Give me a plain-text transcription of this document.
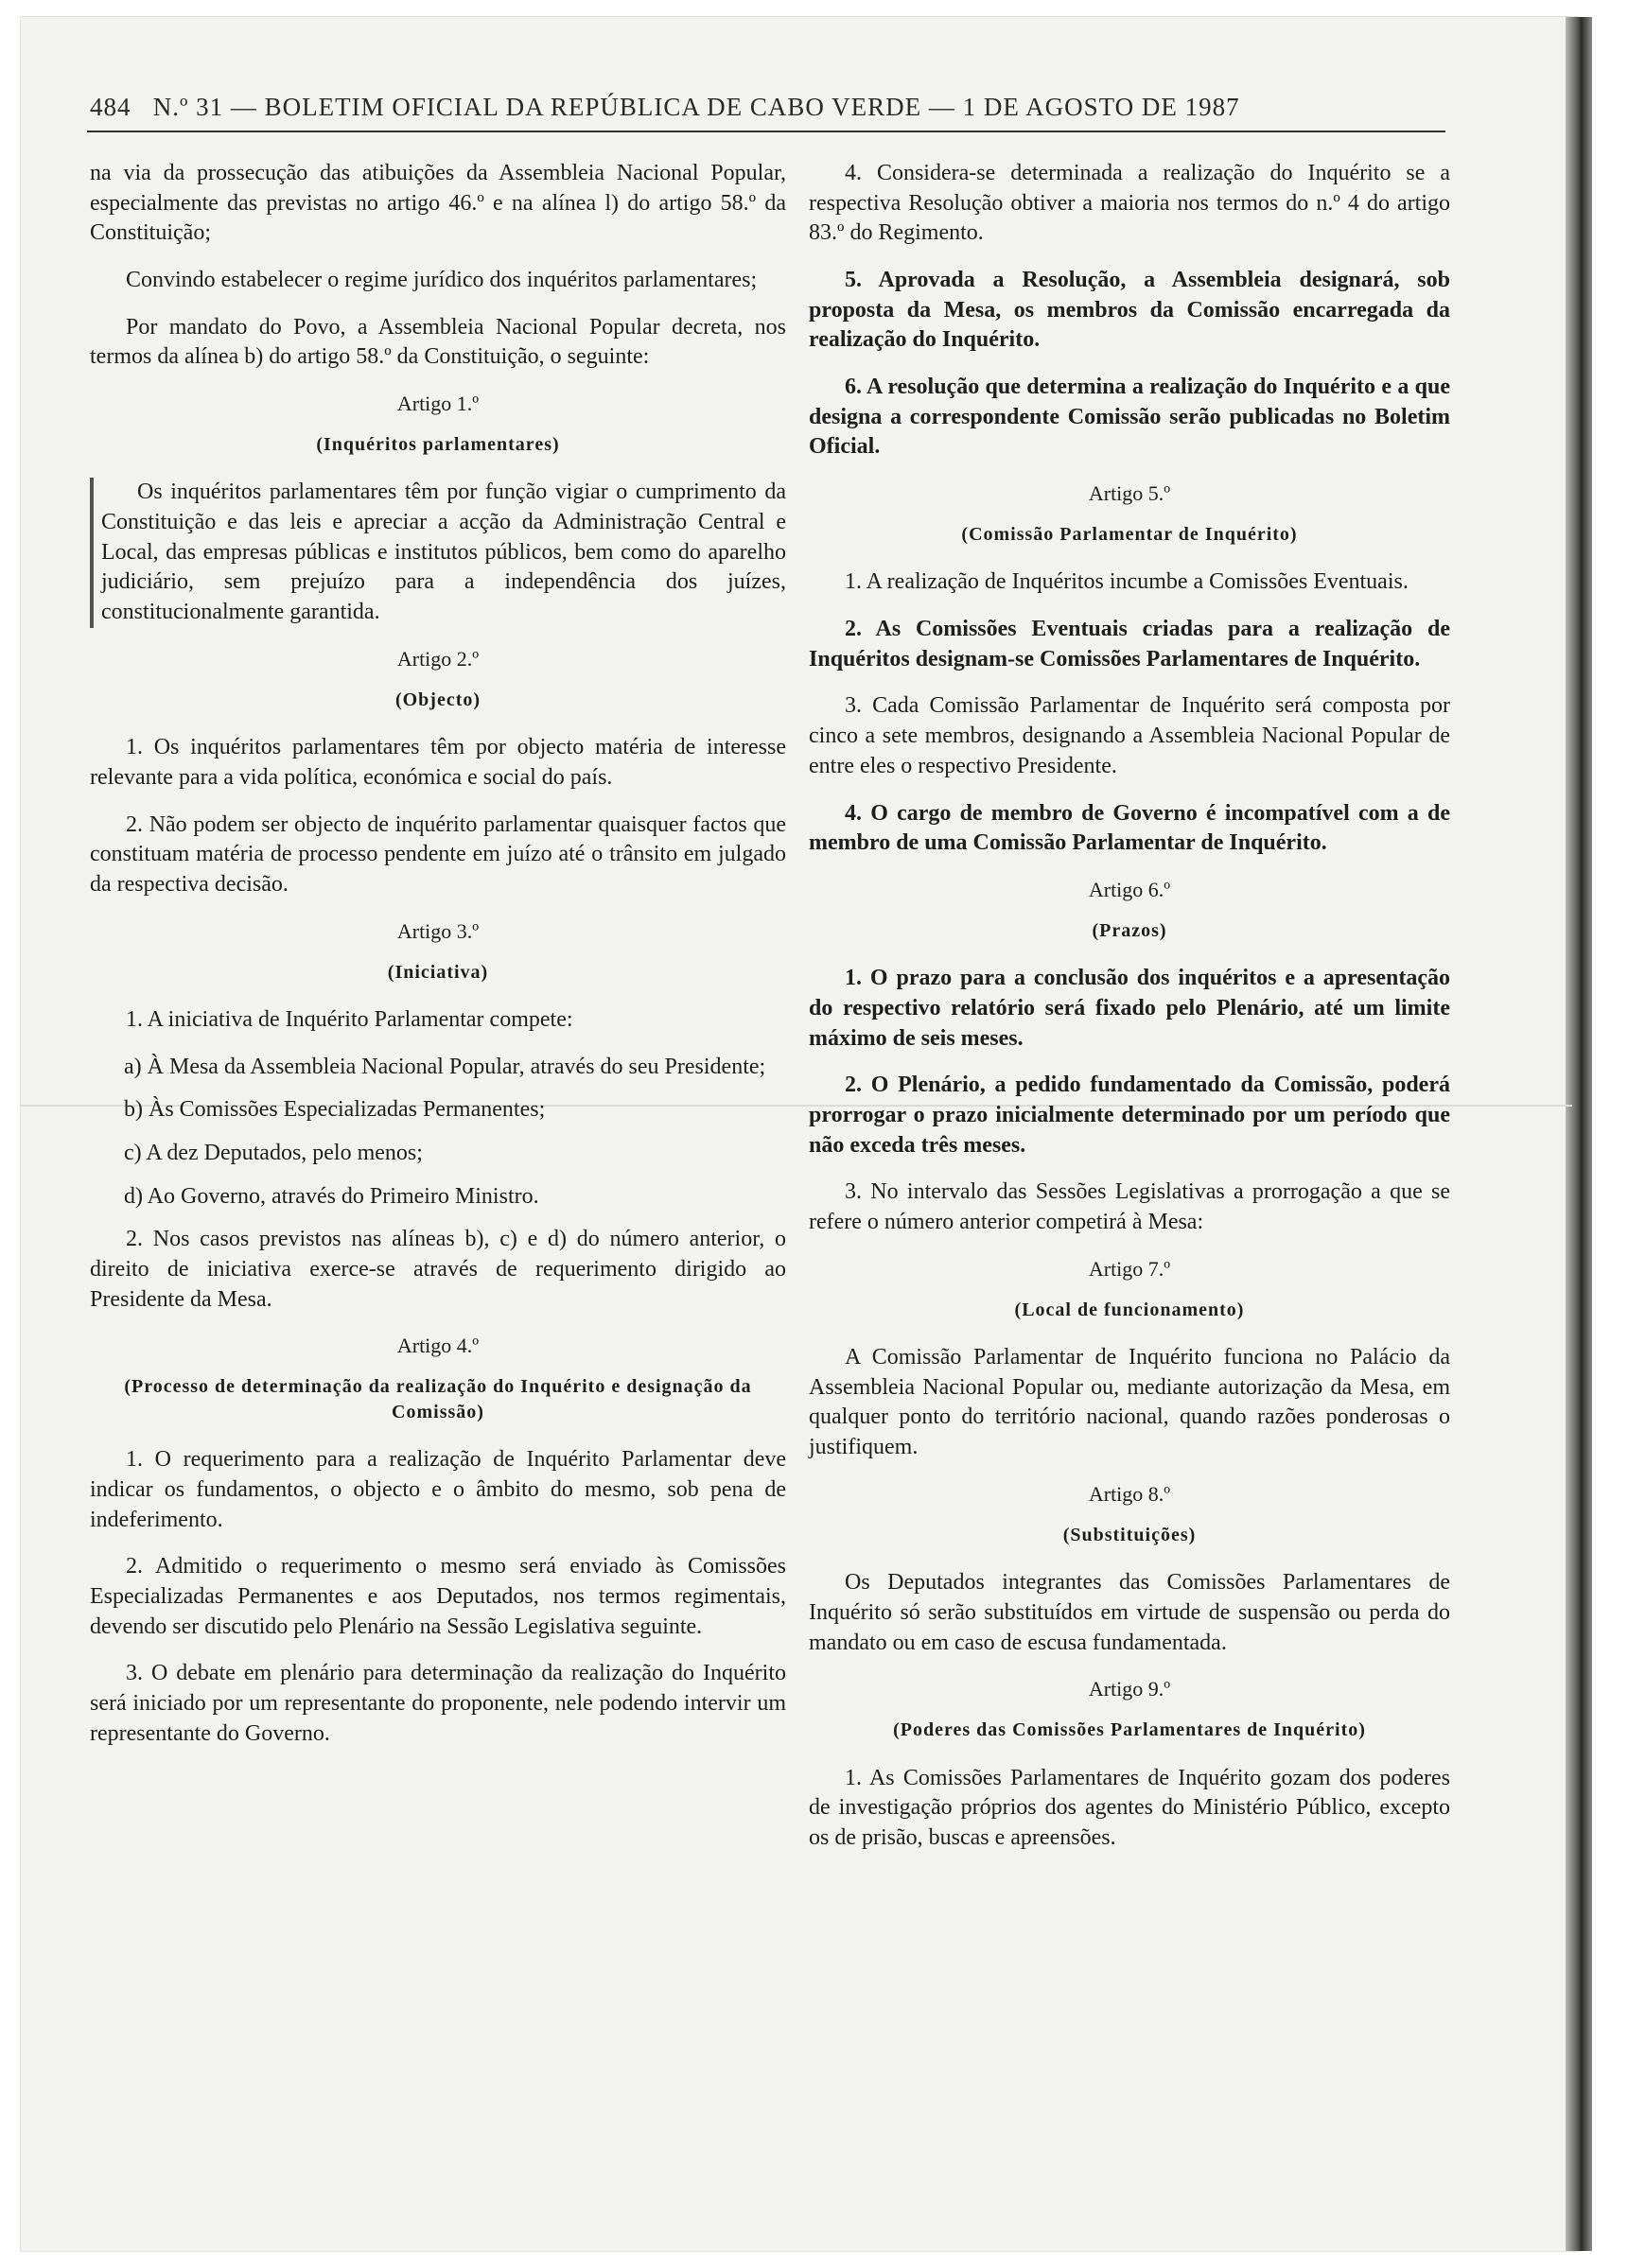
484 N.º 31 — BOLETIM OFICIAL DA REPÚBLICA DE CABO VERDE — 1 DE AGOSTO DE 1987

na via da prossecução das atibuições da Assembleia Nacional Popular, especialmente das previstas no artigo 46.º e na alínea l) do artigo 58.º da Constituição;

Convindo estabelecer o regime jurídico dos inquéritos parlamentares;

Por mandato do Povo, a Assembleia Nacional Popular decreta, nos termos da alínea b) do artigo 58.º da Constituição, o seguinte:

Artigo 1.º
(Inquéritos parlamentares)

Os inquéritos parlamentares têm por função vigiar o cumprimento da Constituição e das leis e apreciar a acção da Administração Central e Local, das empresas públicas e institutos públicos, bem como do aparelho judiciário, sem prejuízo para a independência dos juízes, constitucionalmente garantida.

Artigo 2.º
(Objecto)

1. Os inquéritos parlamentares têm por objecto matéria de interesse relevante para a vida política, económica e social do país.

2. Não podem ser objecto de inquérito parlamentar quaisquer factos que constituam matéria de processo pendente em juízo até o trânsito em julgado da respectiva decisão.

Artigo 3.º
(Iniciativa)

1. A iniciativa de Inquérito Parlamentar compete:

a) À Mesa da Assembleia Nacional Popular, através do seu Presidente;

b) Às Comissões Especializadas Permanentes;

c) A dez Deputados, pelo menos;

d) Ao Governo, através do Primeiro Ministro.

2. Nos casos previstos nas alíneas b), c) e d) do número anterior, o direito de iniciativa exerce-se através de requerimento dirigido ao Presidente da Mesa.

Artigo 4.º
(Processo de determinação da realização do Inquérito e designação da Comissão)

1. O requerimento para a realização de Inquérito Parlamentar deve indicar os fundamentos, o objecto e o âmbito do mesmo, sob pena de indeferimento.

2. Admitido o requerimento o mesmo será enviado às Comissões Especializadas Permanentes e aos Deputados, nos termos regimentais, devendo ser discutido pelo Plenário na Sessão Legislativa seguinte.

3. O debate em plenário para determinação da realização do Inquérito será iniciado por um representante do proponente, nele podendo intervir um representante do Governo.

4. Considera-se determinada a realização do Inquérito se a respectiva Resolução obtiver a maioria nos termos do n.º 4 do artigo 83.º do Regimento.

5. Aprovada a Resolução, a Assembleia designará, sob proposta da Mesa, os membros da Comissão encarregada da realização do Inquérito.

6. A resolução que determina a realização do Inquérito e a que designa a correspondente Comissão serão publicadas no Boletim Oficial.

Artigo 5.º
(Comissão Parlamentar de Inquérito)

1. A realização de Inquéritos incumbe a Comissões Eventuais.

2. As Comissões Eventuais criadas para a realização de Inquéritos designam-se Comissões Parlamentares de Inquérito.

3. Cada Comissão Parlamentar de Inquérito será composta por cinco a sete membros, designando a Assembleia Nacional Popular de entre eles o respectivo Presidente.

4. O cargo de membro de Governo é incompatível com a de membro de uma Comissão Parlamentar de Inquérito.

Artigo 6.º
(Prazos)

1. O prazo para a conclusão dos inquéritos e a apresentação do respectivo relatório será fixado pelo Plenário, até um limite máximo de seis meses.

2. O Plenário, a pedido fundamentado da Comissão, poderá prorrogar o prazo inicialmente determinado por um período que não exceda três meses.

3. No intervalo das Sessões Legislativas a prorrogação a que se refere o número anterior competirá à Mesa:

Artigo 7.º
(Local de funcionamento)

A Comissão Parlamentar de Inquérito funciona no Palácio da Assembleia Nacional Popular ou, mediante autorização da Mesa, em qualquer ponto do território nacional, quando razões ponderosas o justifiquem.

Artigo 8.º
(Substituições)

Os Deputados integrantes das Comissões Parlamentares de Inquérito só serão substituídos em virtude de suspensão ou perda do mandato ou em caso de escusa fundamentada.

Artigo 9.º
(Poderes das Comissões Parlamentares de Inquérito)

1. As Comissões Parlamentares de Inquérito gozam dos poderes de investigação próprios dos agentes do Ministério Público, excepto os de prisão, buscas e apreensões.
